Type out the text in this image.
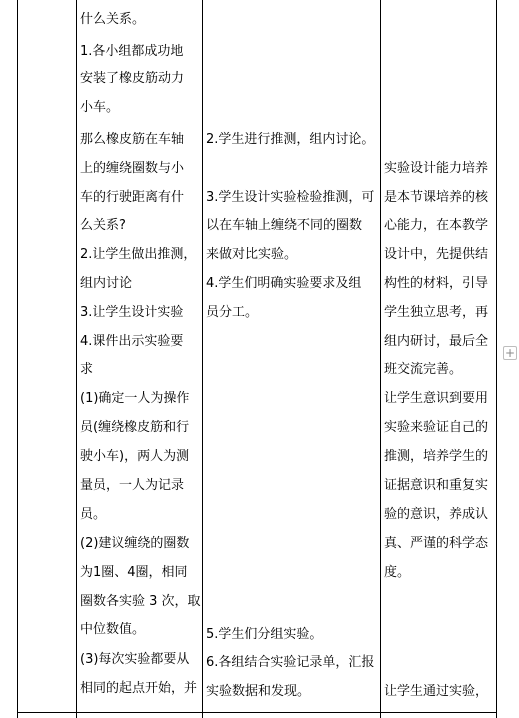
什么关系。
1.各小组都成功地
安装了橡皮筋动力
小车。
那么橡皮筋在车轴
上的缠绕圈数与小
车的行驶距离有什
么关系?
2.让学生做出推测，
组内讨论
3.让学生设计实验
4.课件出示实验要
求
(1)确定一人为操作
员(缠绕橡皮筋和行
驶小车)，两人为测
量员，一人为记录
员。
(2)建议缠绕的圈数
为1圈、4圈，相同
圈数各实验 3 次，取
中位数值。
(3)每次实验都要从
相同的起点开始，并
2.学生进行推测，组内讨论。
3.学生设计实验检验推测，可
以在车轴上缠绕不同的圈数
来做对比实验。
4.学生们明确实验要求及组
员分工。
5.学生们分组实验。
6.各组结合实验记录单，汇报
实验数据和发现。
实验设计能力培养
是本节课培养的核
心能力，在本教学
设计中，先提供结
构性的材料，引导
学生独立思考，再
组内研讨，最后全
班交流完善。
让学生意识到要用
实验来验证自己的
推测，培养学生的
证据意识和重复实
验的意识，养成认
真、严谨的科学态
度。
让学生通过实验，
+
